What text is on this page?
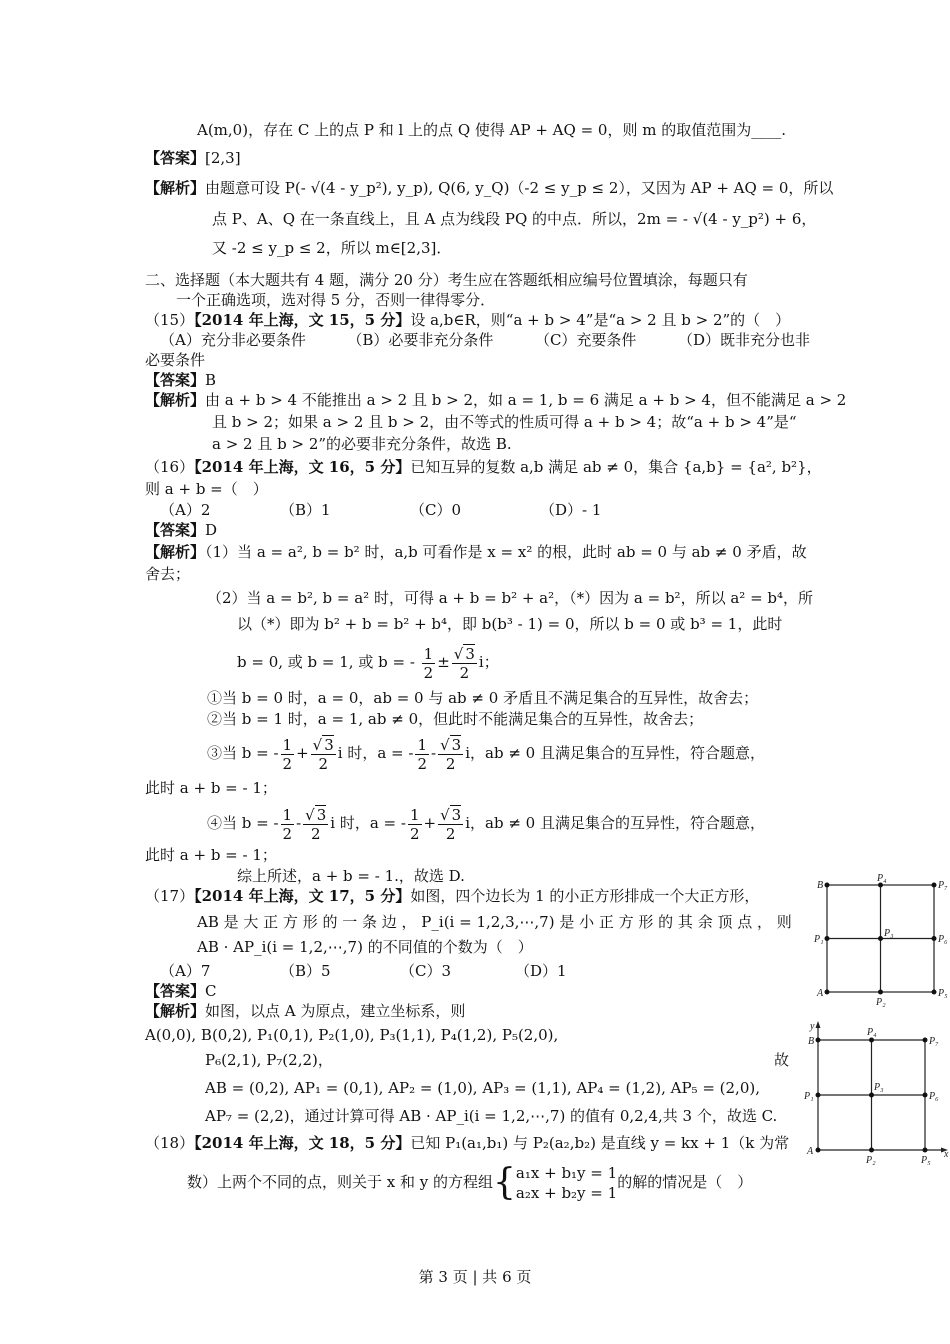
A(m,0)，存在 C 上的点 P 和 l 上的点 Q 使得 AP + AQ = 0，则 m 的取值范围为____.
【答案】[2,3]
【解析】由题意可设 P(- √(4 - y_p²), y_p), Q(6, y_Q)（-2 ≤ y_p ≤ 2），又因为 AP + AQ = 0，所以
点 P、A、Q 在一条直线上，且 A 点为线段 PQ 的中点．所以，2m = - √(4 - y_p²) + 6，
又 -2 ≤ y_p ≤ 2，所以 m∈[2,3]．
二、选择题（本大题共有 4 题，满分 20 分）考生应在答题纸相应编号位置填涂，每题只有
一个正确选项，选对得 5 分，否则一律得零分．
（15）【2014 年上海，文 15，5 分】设 a,b∈R，则“a + b > 4”是“a > 2 且 b > 2”的（　）
（A）充分非必要条件	（B）必要非充分条件	（C）充要条件	（D）既非充分也非
必要条件
【答案】B
【解析】由 a + b > 4 不能推出 a > 2 且 b > 2，如 a = 1, b = 6 满足 a + b > 4，但不能满足 a > 2
且 b > 2；如果 a > 2 且 b > 2，由不等式的性质可得 a + b > 4；故“a + b > 4”是“
a > 2 且 b > 2”的必要非充分条件，故选 B.
（16）【2014 年上海，文 16，5 分】已知互异的复数 a,b 满足 ab ≠ 0，集合 {a,b} = {a², b²}，
则 a + b =（　）
（A）2	（B）1	（C）0	（D）- 1
【答案】D
【解析】（1）当 a = a², b = b² 时，a,b 可看作是 x = x² 的根，此时 ab = 0 与 ab ≠ 0 矛盾，故
舍去；
（2）当 a = b², b = a² 时，可得 a + b = b² + a²，（*）因为 a = b²，所以 a² = b⁴，所
以（*）即为 b² + b = b² + b⁴，即 b(b³ - 1) = 0，所以 b = 0 或 b³ = 1，此时
b = 0, 或 b = 1, 或 b = - $\frac{1}{2} \pm \frac{√ 3}{2}$ i；
①当 b = 0 时，a = 0，ab = 0 与 ab ≠ 0 矛盾且不满足集合的互异性，故舍去；
②当 b = 1 时，a = 1, ab ≠ 0，但此时不能满足集合的互异性，故舍去；
③当 b = - $\frac{1}{2} + \frac{√ 3}{2}$ i 时，a = - $\frac{1}{2} - \frac{√ 3}{2}$ i，ab ≠ 0 且满足集合的互异性，符合题意，
此时 a + b = - 1；
④当 b = - $\frac{1}{2} - \frac{√ 3}{2}$ i 时，a = - $\frac{1}{2} + \frac{√ 3}{2}$ i，ab ≠ 0 且满足集合的互异性，符合题意，
此时 a + b = - 1；
综上所述，a + b = - 1.，故选 D.
（17）【2014 年上海，文 17，5 分】如图，四个边长为 1 的小正方形排成一个大正方形，
AB 是 大 正 方 形 的 一 条 边 ， P_i(i = 1,2,3,⋯,7) 是 小 正 方 形 的 其 余 顶 点 ， 则
AB · AP_i(i = 1,2,⋯,7) 的不同值的个数为（　）
（A）7	（B）5	（C）3	（D）1
【答案】C
【解析】如图，以点 A 为原点，建立坐标系，则
A(0,0), B(0,2), P₁(0,1), P₂(1,0), P₃(1,1), P₄(1,2), P₅(2,0),
P₆(2,1), P₇(2,2)，	故
AB = (0,2), AP₁ = (0,1), AP₂ = (1,0), AP₃ = (1,1), AP₄ = (1,2), AP₅ = (2,0),
AP₇ = (2,2)，通过计算可得 AB · AP_i(i = 1,2,⋯,7) 的值有 0,2,4,共 3 个，故选 C.
（18）【2014 年上海，文 18，5 分】已知 P₁(a₁,b₁) 与 P₂(a₂,b₂) 是直线 y = kx + 1（k 为常
数）上两个不同的点，则关于 x 和 y 的方程组{ a₁x + b₁y = 1
a₂x + b₂y = 1
的解的情况是（　）
B
P₄
P₇
P₁
P₃
P₆
A
P₂
P₅
y
x
B
P₄
P₇
P₁
P₃
P₆
A
P₂	P₅
第 3 页 | 共 6 页
